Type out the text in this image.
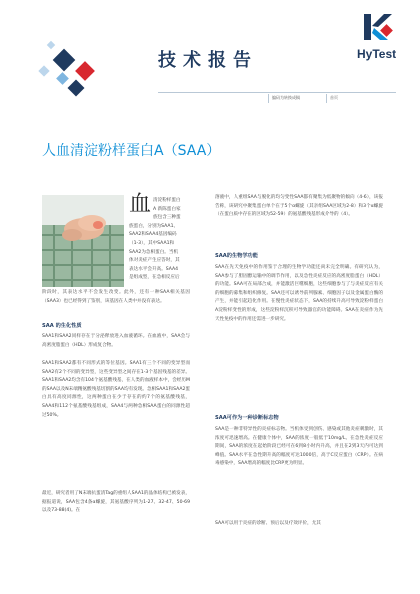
技术报告	HyTest
编码为转换成稿	首页
人血清淀粉样蛋白A（SAA）
血 清淀粉样蛋白

A 新陈蛋白家

族包含三种蛋

族蛋白，分别为SAA1、

SAA2和SAA4基因编码

（1-3），其中SAA1和

SAA2为急相蛋白。当机

体对炎症产生应答时，其

表达水平会升高。SAA4

是组成型，在急相反应后

阶段时，其表达水平不会发生改变。此外，还有一种SAA相关基因（SAA3）也已经得到了鉴别，该基因在人类中并没有表达。
SAA 的生化性质
SAA1和SAA2同样存在于分泌释放进入血液循环。在血液中，SAA会与高密度脂蛋白（HDL）形成复合物。
SAA1和SAA2都有不同形式的等位基因。SAA1有三个不同的变异型而SAA2有2个不同的变异型，这些变异型之间存在1-3个基因残基的差异。SAA1和SAA2均含有104个氨基酸残基，在人类的血液样本中，会经历M的SAA以及N末端精氨酸残基切割的SAA均有发现。急相SAA1和SAA2蛋白具有高度同源性，这两种蛋白在少于存在的约7个的氨基酸残基，SAA4和112个氨基酸残基组成，SAA4与两种急相SAA蛋白的同源性超过50%。
最近，研究者用了N末端抗蛋清Tag的重组人SAA1的晶体结构已被发表，据报道说，SAA包含4条α螺旋，其氨基酸序列为1-27、32-47、50-69以及73-88(4)。在
溶液中，人重组SAA与脱化的均匀变性SAA都有聚集为低聚物的倾向（4-6），该报告称，该研究中聚集蛋白单个在于5个α螺旋（其亲组SAA区域为2-8）和3个α螺旋（在蛋白质中存在的区域为52-59）的氨基酸残基形成介导的（4）。
SAA的生物学功能
SAA在先天免疫中的作用鉴于合理的生物学功能还尚未完全明确。有研究认为，SAA参与了胆固醇运输中的调节作用，以及急性炎症反应的高密度脂蛋白（HDL）的功能。SAA可在局部合成，并能激活巨噬细胞，这些细胞参与了与炎症反应有关的细胞的募集和组织修复。SAA还可以诱导前列腺素、细胞因子以及金属蛋白酶的产生，并能引起趋化作用。在慢性炎症状态下，SAA的持续升高可导致淀粉样蛋白A淀粉样变性的形成，这些淀粉样沉积可导致器官的功能障碍。SAA在炎症作为先天性免疫中的作用还需进一步研究。
SAA可作为一种诊断标志物
SAA是一种非特异性的炎症标志物。当机体受到创伤、感染或其他炎症刺激时，其浓度可迅速增高。在健康个体中，SAA的浓度一般低于10mg/L。在急性炎症反应期间，SAA的浓度在起始阶段已经可在6到8小时内升高，并且在2到3天内可达到峰值。SAA水平在急性期升高的幅度可达1000倍，高于C反应蛋白（CRP）。在病毒感染中，SAA增高的幅度比CRP更为明显。
SAA可以用于炎症的诊断、预后以及疗效评价，尤其
